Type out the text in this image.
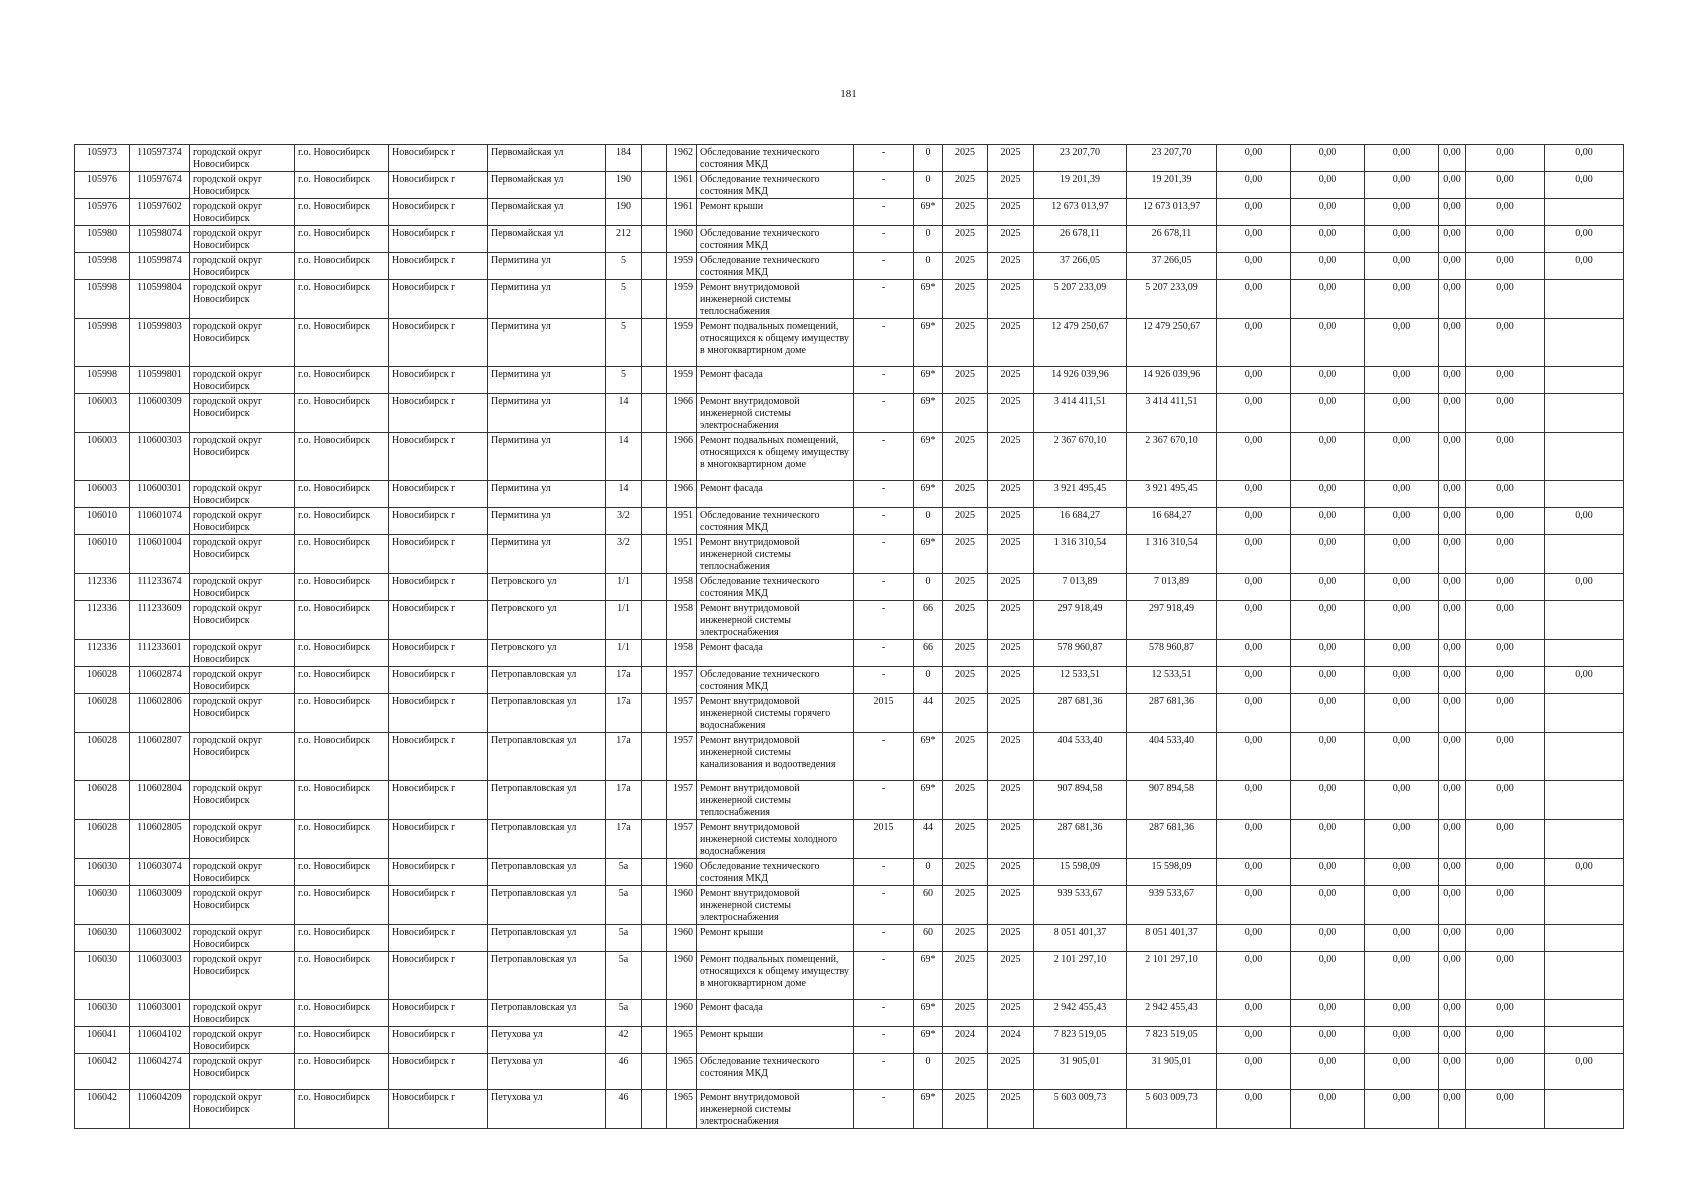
181
105973	110597374	городской округ Новосибирск	г.о. Новосибирск	Новосибирск г	Первомайская ул	184		1962	Обследование технического состояния МКД	-	0	2025	2025	23 207,70	23 207,70	0,00	0,00	0,00	0,00	0,00	0,00
105976	110597674	городской округ Новосибирск	г.о. Новосибирск	Новосибирск г	Первомайская ул	190		1961	Обследование технического состояния МКД	-	0	2025	2025	19 201,39	19 201,39	0,00	0,00	0,00	0,00	0,00	0,00
105976	110597602	городской округ Новосибирск	г.о. Новосибирск	Новосибирск г	Первомайская ул	190		1961	Ремонт крыши	-	69*	2025	2025	12 673 013,97	12 673 013,97	0,00	0,00	0,00	0,00	0,00	
105980	110598074	городской округ Новосибирск	г.о. Новосибирск	Новосибирск г	Первомайская ул	212		1960	Обследование технического состояния МКД	-	0	2025	2025	26 678,11	26 678,11	0,00	0,00	0,00	0,00	0,00	0,00
105998	110599874	городской округ Новосибирск	г.о. Новосибирск	Новосибирск г	Пермитина ул	5		1959	Обследование технического состояния МКД	-	0	2025	2025	37 266,05	37 266,05	0,00	0,00	0,00	0,00	0,00	0,00
105998	110599804	городской округ Новосибирск	г.о. Новосибирск	Новосибирск г	Пермитина ул	5		1959	Ремонт внутридомовой инженерной системы теплоснабжения	-	69*	2025	2025	5 207 233,09	5 207 233,09	0,00	0,00	0,00	0,00	0,00	
105998	110599803	городской округ Новосибирск	г.о. Новосибирск	Новосибирск г	Пермитина ул	5		1959	Ремонт подвальных помещений, относящихся к общему имуществу в многоквартирном доме	-	69*	2025	2025	12 479 250,67	12 479 250,67	0,00	0,00	0,00	0,00	0,00	
105998	110599801	городской округ Новосибирск	г.о. Новосибирск	Новосибирск г	Пермитина ул	5		1959	Ремонт фасада	-	69*	2025	2025	14 926 039,96	14 926 039,96	0,00	0,00	0,00	0,00	0,00	
106003	110600309	городской округ Новосибирск	г.о. Новосибирск	Новосибирск г	Пермитина ул	14		1966	Ремонт внутридомовой инженерной системы электроснабжения	-	69*	2025	2025	3 414 411,51	3 414 411,51	0,00	0,00	0,00	0,00	0,00	
106003	110600303	городской округ Новосибирск	г.о. Новосибирск	Новосибирск г	Пермитина ул	14		1966	Ремонт подвальных помещений, относящихся к общему имуществу в многоквартирном доме	-	69*	2025	2025	2 367 670,10	2 367 670,10	0,00	0,00	0,00	0,00	0,00	
106003	110600301	городской округ Новосибирск	г.о. Новосибирск	Новосибирск г	Пермитина ул	14		1966	Ремонт фасада	-	69*	2025	2025	3 921 495,45	3 921 495,45	0,00	0,00	0,00	0,00	0,00	
106010	110601074	городской округ Новосибирск	г.о. Новосибирск	Новосибирск г	Пермитина ул	3/2		1951	Обследование технического состояния МКД	-	0	2025	2025	16 684,27	16 684,27	0,00	0,00	0,00	0,00	0,00	0,00
106010	110601004	городской округ Новосибирск	г.о. Новосибирск	Новосибирск г	Пермитина ул	3/2		1951	Ремонт внутридомовой инженерной системы теплоснабжения	-	69*	2025	2025	1 316 310,54	1 316 310,54	0,00	0,00	0,00	0,00	0,00	
112336	111233674	городской округ Новосибирск	г.о. Новосибирск	Новосибирск г	Петровского ул	1/1		1958	Обследование технического состояния МКД	-	0	2025	2025	7 013,89	7 013,89	0,00	0,00	0,00	0,00	0,00	0,00
112336	111233609	городской округ Новосибирск	г.о. Новосибирск	Новосибирск г	Петровского ул	1/1		1958	Ремонт внутридомовой инженерной системы электроснабжения	-	66	2025	2025	297 918,49	297 918,49	0,00	0,00	0,00	0,00	0,00	
112336	111233601	городской округ Новосибирск	г.о. Новосибирск	Новосибирск г	Петровского ул	1/1		1958	Ремонт фасада	-	66	2025	2025	578 960,87	578 960,87	0,00	0,00	0,00	0,00	0,00	
106028	110602874	городской округ Новосибирск	г.о. Новосибирск	Новосибирск г	Петропавловская ул	17а		1957	Обследование технического состояния МКД	-	0	2025	2025	12 533,51	12 533,51	0,00	0,00	0,00	0,00	0,00	0,00
106028	110602806	городской округ Новосибирск	г.о. Новосибирск	Новосибирск г	Петропавловская ул	17а		1957	Ремонт внутридомовой инженерной системы горячего водоснабжения	2015	44	2025	2025	287 681,36	287 681,36	0,00	0,00	0,00	0,00	0,00	
106028	110602807	городской округ Новосибирск	г.о. Новосибирск	Новосибирск г	Петропавловская ул	17а		1957	Ремонт внутридомовой инженерной системы канализования и водоотведения	-	69*	2025	2025	404 533,40	404 533,40	0,00	0,00	0,00	0,00	0,00	
106028	110602804	городской округ Новосибирск	г.о. Новосибирск	Новосибирск г	Петропавловская ул	17а		1957	Ремонт внутридомовой инженерной системы теплоснабжения	-	69*	2025	2025	907 894,58	907 894,58	0,00	0,00	0,00	0,00	0,00	
106028	110602805	городской округ Новосибирск	г.о. Новосибирск	Новосибирск г	Петропавловская ул	17а		1957	Ремонт внутридомовой инженерной системы холодного водоснабжения	2015	44	2025	2025	287 681,36	287 681,36	0,00	0,00	0,00	0,00	0,00	
106030	110603074	городской округ Новосибирск	г.о. Новосибирск	Новосибирск г	Петропавловская ул	5а		1960	Обследование технического состояния МКД	-	0	2025	2025	15 598,09	15 598,09	0,00	0,00	0,00	0,00	0,00	0,00
106030	110603009	городской округ Новосибирск	г.о. Новосибирск	Новосибирск г	Петропавловская ул	5а		1960	Ремонт внутридомовой инженерной системы электроснабжения	-	60	2025	2025	939 533,67	939 533,67	0,00	0,00	0,00	0,00	0,00	
106030	110603002	городской округ Новосибирск	г.о. Новосибирск	Новосибирск г	Петропавловская ул	5а		1960	Ремонт крыши	-	60	2025	2025	8 051 401,37	8 051 401,37	0,00	0,00	0,00	0,00	0,00	
106030	110603003	городской округ Новосибирск	г.о. Новосибирск	Новосибирск г	Петропавловская ул	5а		1960	Ремонт подвальных помещений, относящихся к общему имуществу в многоквартирном доме	-	69*	2025	2025	2 101 297,10	2 101 297,10	0,00	0,00	0,00	0,00	0,00	
106030	110603001	городской округ Новосибирск	г.о. Новосибирск	Новосибирск г	Петропавловская ул	5а		1960	Ремонт фасада	-	69*	2025	2025	2 942 455,43	2 942 455,43	0,00	0,00	0,00	0,00	0,00	
106041	110604102	городской округ Новосибирск	г.о. Новосибирск	Новосибирск г	Петухова ул	42		1965	Ремонт крыши	-	69*	2024	2024	7 823 519,05	7 823 519,05	0,00	0,00	0,00	0,00	0,00	
106042	110604274	городской округ Новосибирск	г.о. Новосибирск	Новосибирск г	Петухова ул	46		1965	Обследование технического состояния МКД	-	0	2025	2025	31 905,01	31 905,01	0,00	0,00	0,00	0,00	0,00	0,00
106042	110604209	городской округ Новосибирск	г.о. Новосибирск	Новосибирск г	Петухова ул	46		1965	Ремонт внутридомовой инженерной системы электроснабжения	-	69*	2025	2025	5 603 009,73	5 603 009,73	0,00	0,00	0,00	0,00	0,00	
